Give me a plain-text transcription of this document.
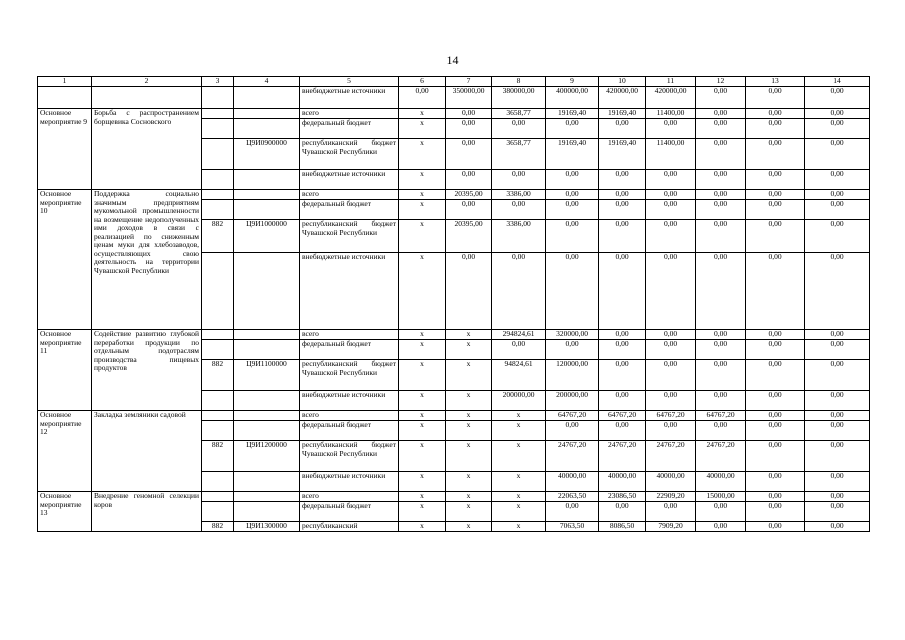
14
1	2	3	4	5	6	7	8	9	10	11	12	13	14
				внебюджетные источники	0,00	350000,00	380000,00	400000,00	420000,00	420000,00	0,00	0,00	0,00
Основное мероприятие 9	Борьба с распространением борщевика Сосновского			всего	x	0,00	3658,77	19169,40	19169,40	11400,00	0,00	0,00	0,00
				федеральный бюджет	x	0,00	0,00	0,00	0,00	0,00	0,00	0,00	0,00
			Ц9И0900000	республиканский бюджет Чувашской Республики	x	0,00	3658,77	19169,40	19169,40	11400,00	0,00	0,00	0,00
				внебюджетные источники	x	0,00	0,00	0,00	0,00	0,00	0,00	0,00	0,00
Основное мероприятие 10	Поддержка социально значимым предприятиям мукомольной промышленности на возмещение недополученных ими доходов в связи с реализацией по сниженным ценам муки для хлебозаводов, осуществляющих свою деятельность на территории Чувашской Республики			всего	x	20395,00	3386,00	0,00	0,00	0,00	0,00	0,00	0,00
				федеральный бюджет	x	0,00	0,00	0,00	0,00	0,00	0,00	0,00	0,00
		882	Ц9И1000000	республиканский бюджет Чувашской Республики	x	20395,00	3386,00	0,00	0,00	0,00	0,00	0,00	0,00
				внебюджетные источники	x	0,00	0,00	0,00	0,00	0,00	0,00	0,00	0,00
Основное мероприятие 11	Содействие развитию глубокой переработки продукции по отдельным подотраслям производства пищевых продуктов			всего	x	x	294824,61	320000,00	0,00	0,00	0,00	0,00	0,00
				федеральный бюджет	x	x	0,00	0,00	0,00	0,00	0,00	0,00	0,00
		882	Ц9И1100000	республиканский бюджет Чувашской Республики	x	x	94824,61	120000,00	0,00	0,00	0,00	0,00	0,00
				внебюджетные источники	x	x	200000,00	200000,00	0,00	0,00	0,00	0,00	0,00
Основное мероприятие 12	Закладка земляники садовой			всего	x	x	x	64767,20	64767,20	64767,20	64767,20	0,00	0,00
				федеральный бюджет	x	x	x	0,00	0,00	0,00	0,00	0,00	0,00
		882	Ц9И1200000	республиканский бюджет Чувашской Республики	x	x	x	24767,20	24767,20	24767,20	24767,20	0,00	0,00
				внебюджетные источники	x	x	x	40000,00	40000,00	40000,00	40000,00	0,00	0,00
Основное мероприятие 13	Внедрение геномной селекции коров			всего	x	x	x	22063,50	23086,50	22909,20	15000,00	0,00	0,00
				федеральный бюджет	x	x	x	0,00	0,00	0,00	0,00	0,00	0,00
		882	Ц9И1300000	республиканский	x	x	x	7063,50	8086,50	7909,20	0,00	0,00	0,00
